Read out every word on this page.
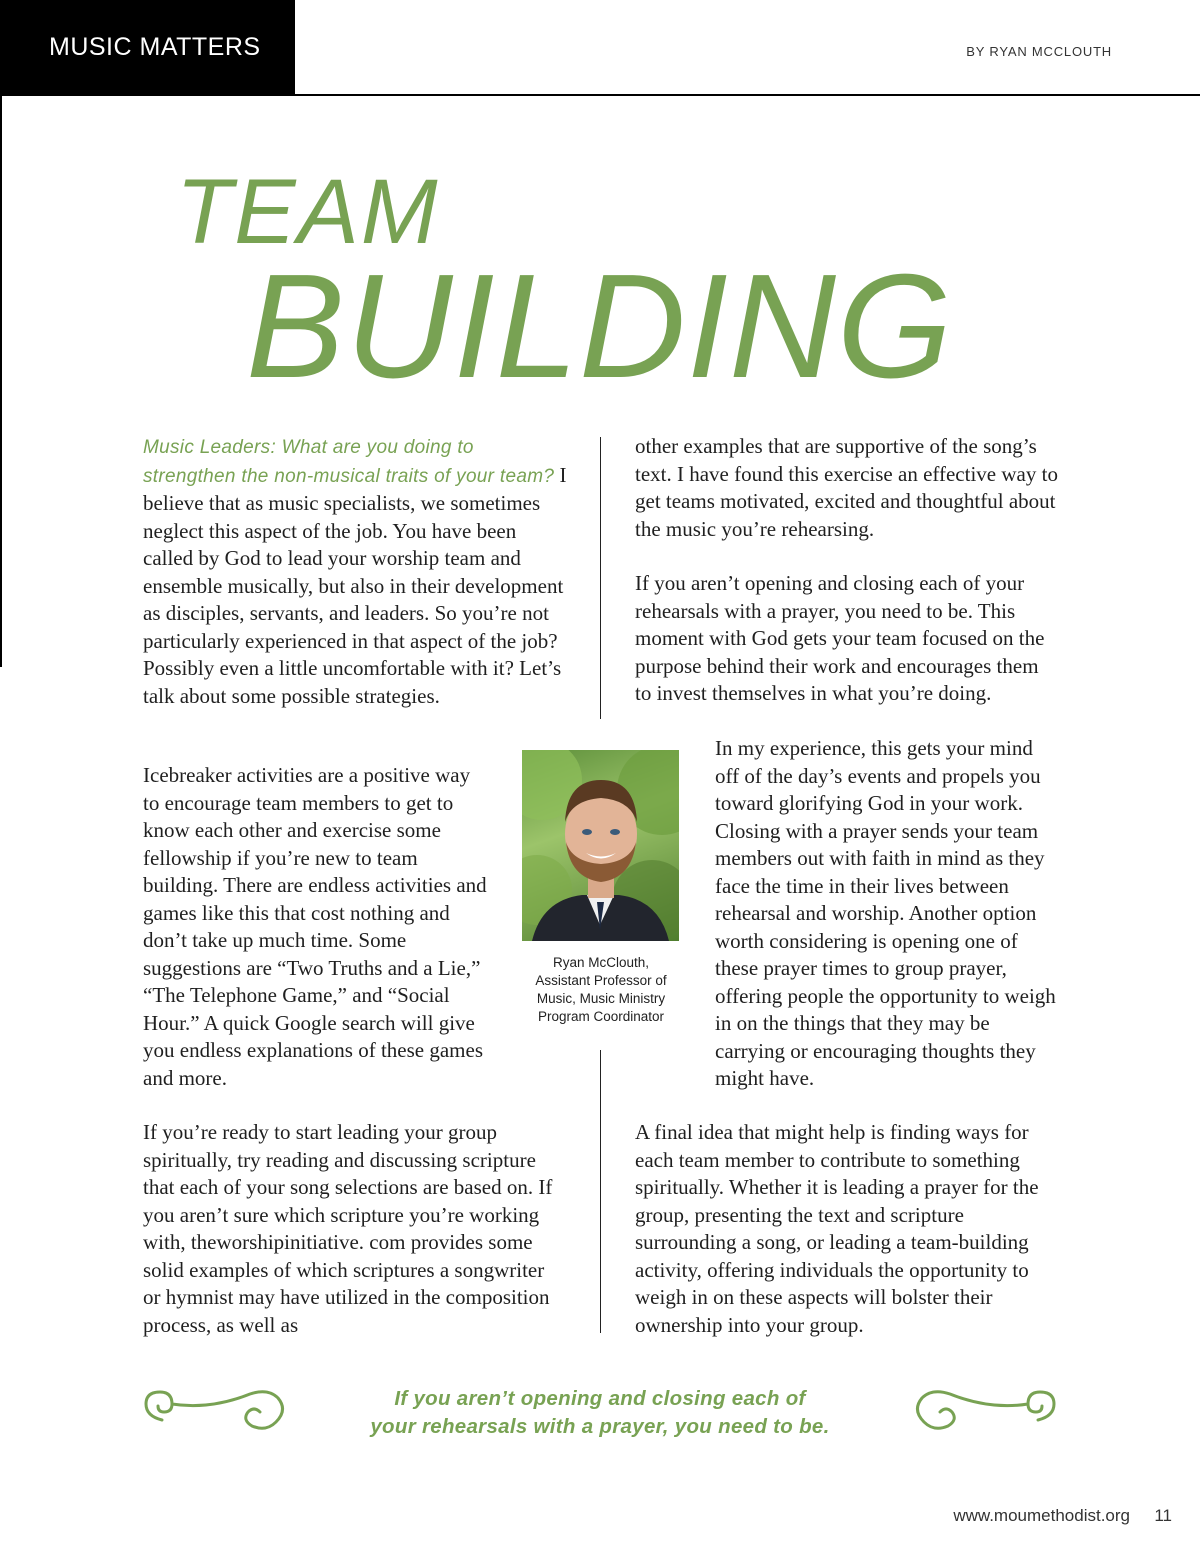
MUSIC MATTERS	BY RYAN MCCLOUTH
TEAM
BUILDING

Music Leaders: What are you doing to strengthen the non-musical traits of your team? I believe that as music specialists, we sometimes neglect this aspect of the job. You have been called by God to lead your worship team and ensemble musically, but also in their development as disciples, servants, and leaders. So you’re not particularly experienced in that aspect of the job? Possibly even a little uncomfortable with it? Let’s talk about some possible strategies.

Icebreaker activities are a positive way to encourage team members to get to know each other and exercise some fellowship if you’re new to team building. There are endless activities and games like this that cost nothing and don’t take up much time. Some suggestions are “Two Truths and a Lie,” “The Telephone Game,” and “Social Hour.” A quick Google search will give you endless explanations of these games and more.

If you’re ready to start leading your group spiritually, try reading and discussing scripture that each of your song selections are based on. If you aren’t sure which scripture you’re working with, theworshipinitiative. com provides some solid examples of which scriptures a songwriter or hymnist may have utilized in the composition process, as well as

other examples that are supportive of the song’s text. I have found this exercise an effective way to get teams motivated, excited and thoughtful about the music you’re rehearsing.

If you aren’t opening and closing each of your rehearsals with a prayer, you need to be. This moment with God gets your team focused on the purpose behind their work and encourages them to invest themselves in what you’re doing.

In my experience, this gets your mind off of the day’s events and propels you toward glorifying God in your work. Closing with a prayer sends your team members out with faith in mind as they face the time in their lives between rehearsal and worship. Another option worth considering is opening one of these prayer times to group prayer, offering people the opportunity to weigh in on the things that they may be carrying or encouraging thoughts they might have.

A final idea that might help is finding ways for each team member to contribute to something spiritually. Whether it is leading a prayer for the group, presenting the text and scripture surrounding a song, or leading a team-building activity, offering individuals the opportunity to weigh in on these aspects will bolster their ownership into your group.

Ryan McClouth,
Assistant Professor of
Music, Music Ministry
Program Coordinator
If you aren’t opening and closing each of
your rehearsals with a prayer, you need to be.
www.moumethodist.org 11
